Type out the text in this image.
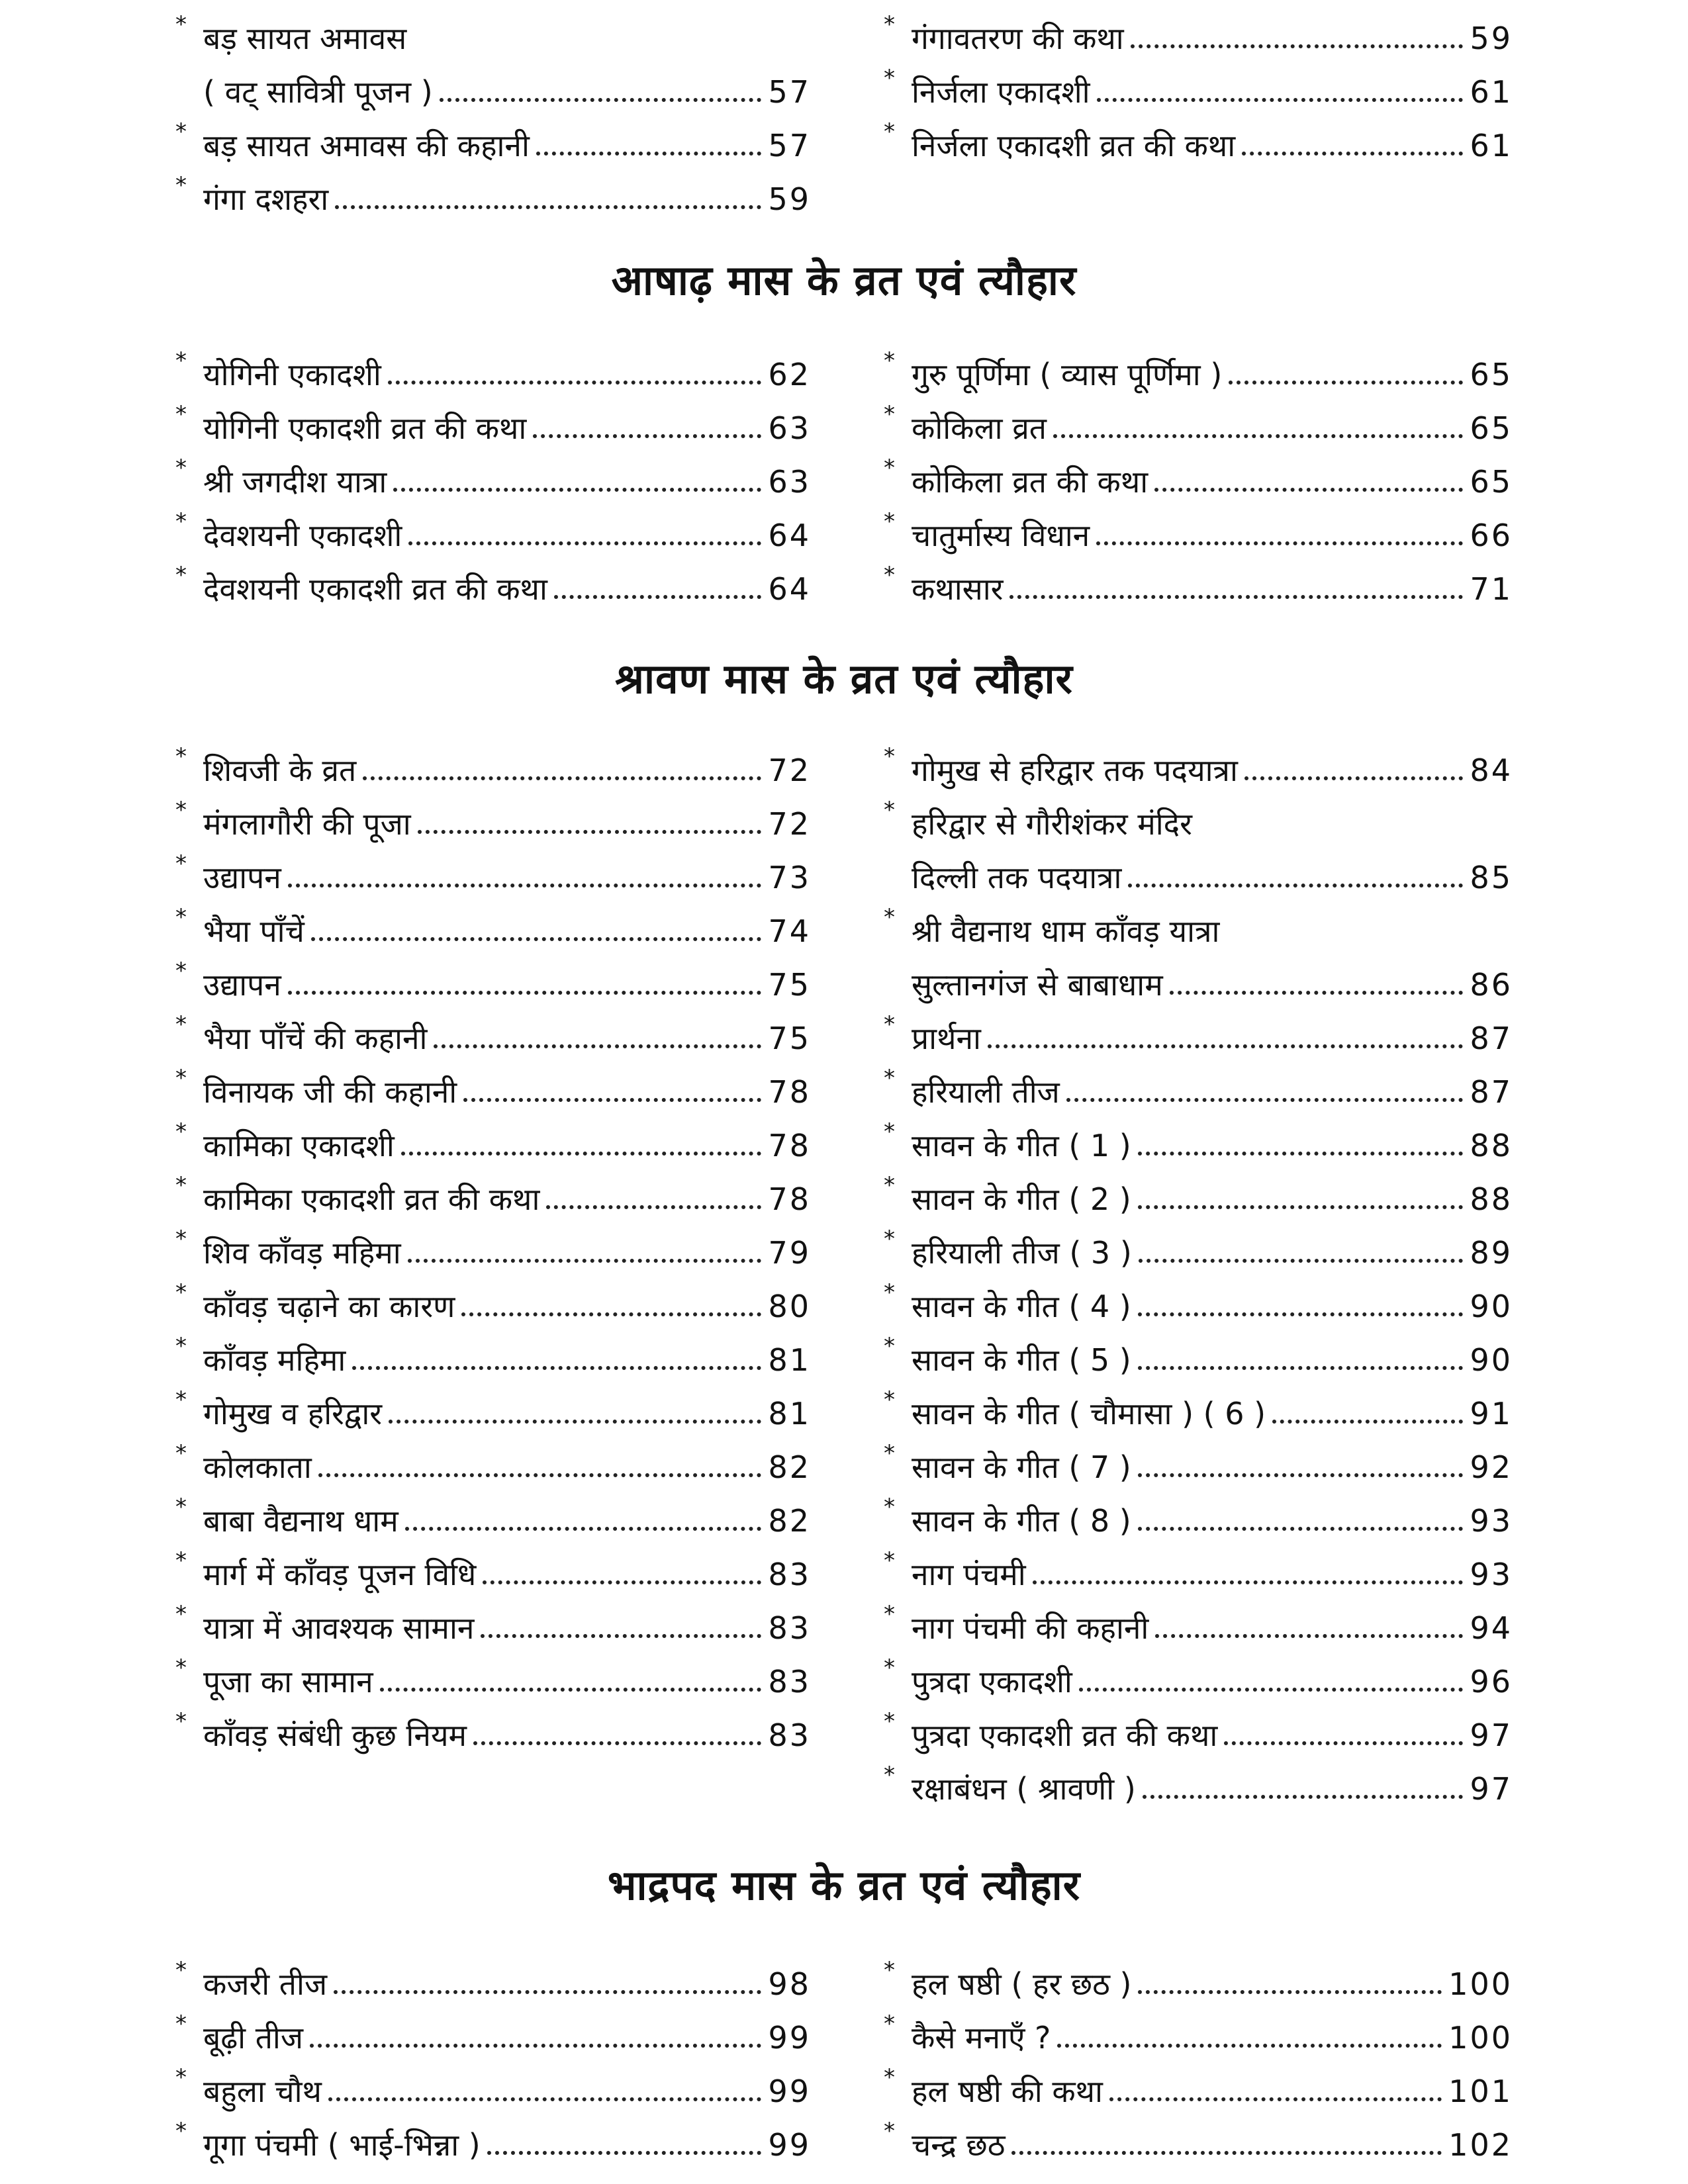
* बड़ सायत अमावस
( वट् सावित्री पूजन )	57
* बड़ सायत अमावस की कहानी	57
* गंगा दशहरा	59
* गंगावतरण की कथा	59
* निर्जला एकादशी	61
* निर्जला एकादशी व्रत की कथा	61
आषाढ़ मास के व्रत एवं त्यौहार
* योगिनी एकादशी	62
* योगिनी एकादशी व्रत की कथा	63
* श्री जगदीश यात्रा	63
* देवशयनी एकादशी	64
* देवशयनी एकादशी व्रत की कथा	64
* गुरु पूर्णिमा ( व्यास पूर्णिमा )	65
* कोकिला व्रत	65
* कोकिला व्रत की कथा	65
* चातुर्मास्य विधान	66
* कथासार	71
श्रावण मास के व्रत एवं त्यौहार
* शिवजी के व्रत	72
* मंगलागौरी की पूजा	72
* उद्यापन	73
* भैया पाँचें	74
* उद्यापन	75
* भैया पाँचें की कहानी	75
* विनायक जी की कहानी	78
* कामिका एकादशी	78
* कामिका एकादशी व्रत की कथा	78
* शिव काँवड़ महिमा	79
* काँवड़ चढ़ाने का कारण	80
* काँवड़ महिमा	81
* गोमुख व हरिद्वार	81
* कोलकाता	82
* बाबा वैद्यनाथ धाम	82
* मार्ग में काँवड़ पूजन विधि	83
* यात्रा में आवश्यक सामान	83
* पूजा का सामान	83
* काँवड़ संबंधी कुछ नियम	83
* गोमुख से हरिद्वार तक पदयात्रा	84
* हरिद्वार से गौरीशंकर मंदिर
दिल्ली तक पदयात्रा	85
* श्री वैद्यनाथ धाम काँवड़ यात्रा
सुल्तानगंज से बाबाधाम	86
* प्रार्थना	87
* हरियाली तीज	87
* सावन के गीत ( 1 )	88
* सावन के गीत ( 2 )	88
* हरियाली तीज ( 3 )	89
* सावन के गीत ( 4 )	90
* सावन के गीत ( 5 )	90
* सावन के गीत ( चौमासा ) ( 6 )	91
* सावन के गीत ( 7 )	92
* सावन के गीत ( 8 )	93
* नाग पंचमी	93
* नाग पंचमी की कहानी	94
* पुत्रदा एकादशी	96
* पुत्रदा एकादशी व्रत की कथा	97
* रक्षाबंधन ( श्रावणी )	97
भाद्रपद मास के व्रत एवं त्यौहार
* कजरी तीज	98
* बूढ़ी तीज	99
* बहुला चौथ	99
* गूगा पंचमी ( भाई-भिन्ना )	99
* हल षष्ठी ( हर छठ )	100
* कैसे मनाएँ ?	100
* हल षष्ठी की कथा	101
* चन्द्र छठ	102
